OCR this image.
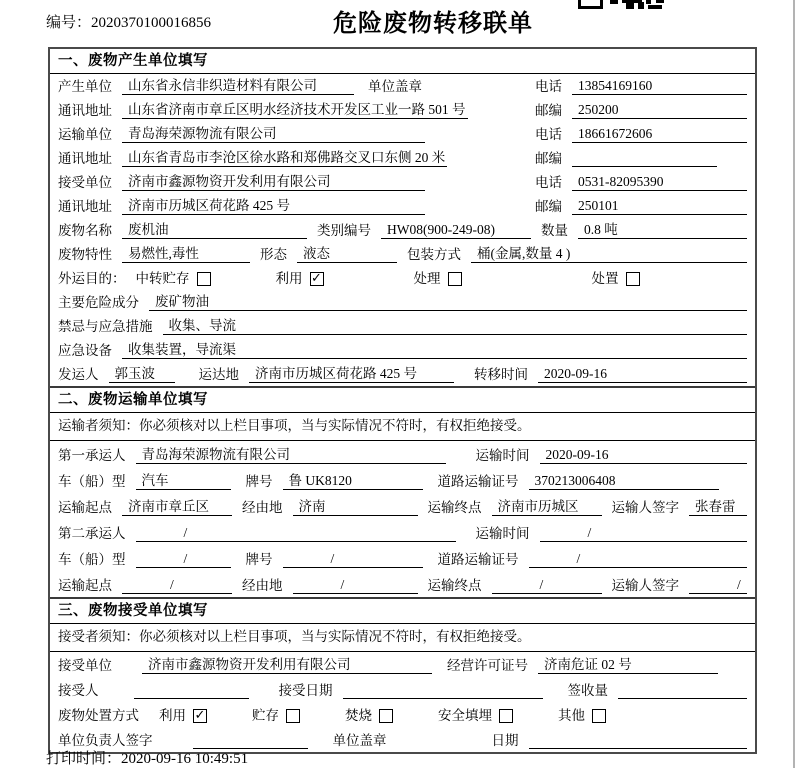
编号：2020370100016856	危险废物转移联单
一、废物产生单位填写
产生单位	山东省永信非织造材料有限公司	单位盖章	电话	13854169160
通讯地址	山东省济南市章丘区明水经济技术开发区工业一路 501 号	邮编	250200
运输单位	青岛海荣源物流有限公司	电话	18661672606
通讯地址	山东省青岛市李沧区徐水路和郑佛路交叉口东侧 20 米	邮编
接受单位	济南市鑫源物资开发利用有限公司	电话	0531-82095390
通讯地址	济南市历城区荷花路 425 号	邮编	250101
废物名称	废机油	类别编号	HW08(900-249-08)	数量	0.8 吨
废物特性	易燃性,毒性	形态	液态	包装方式	桶(金属,数量 4 )
外运目的： 中转贮存	利用 ✓	处理	处置
主要危险成分	废矿物油
禁忌与应急措施	收集、导流
应急设备	收集装置，导流渠
发运人	郭玉波	运达地	济南市历城区荷花路 425 号	转移时间	2020-09-16
二、废物运输单位填写
运输者须知：你必须核对以上栏目事项，当与实际情况不符时，有权拒绝接受。
第一承运人	青岛海荣源物流有限公司	运输时间	2020-09-16
车（船）型	汽车	牌号	鲁 UK8120	道路运输证号	370213006408
运输起点	济南市章丘区	经由地	济南	运输终点	济南市历城区	运输人签字	张春雷
第二承运人	/	运输时间	/
车（船）型	/	牌号	/	道路运输证号	/
运输起点	/	经由地	/	运输终点	/	运输人签字	/
三、废物接受单位填写
接受者须知：你必须核对以上栏目事项，当与实际情况不符时，有权拒绝接受。
接受单位	济南市鑫源物资开发利用有限公司	经营许可证号	济南危证 02 号
接受人	接受日期	签收量
废物处置方式 利用 ✓	贮存	焚烧	安全填埋	其他
单位负责人签字	单位盖章	日期
打印时间：2020-09-16 10:49:51
